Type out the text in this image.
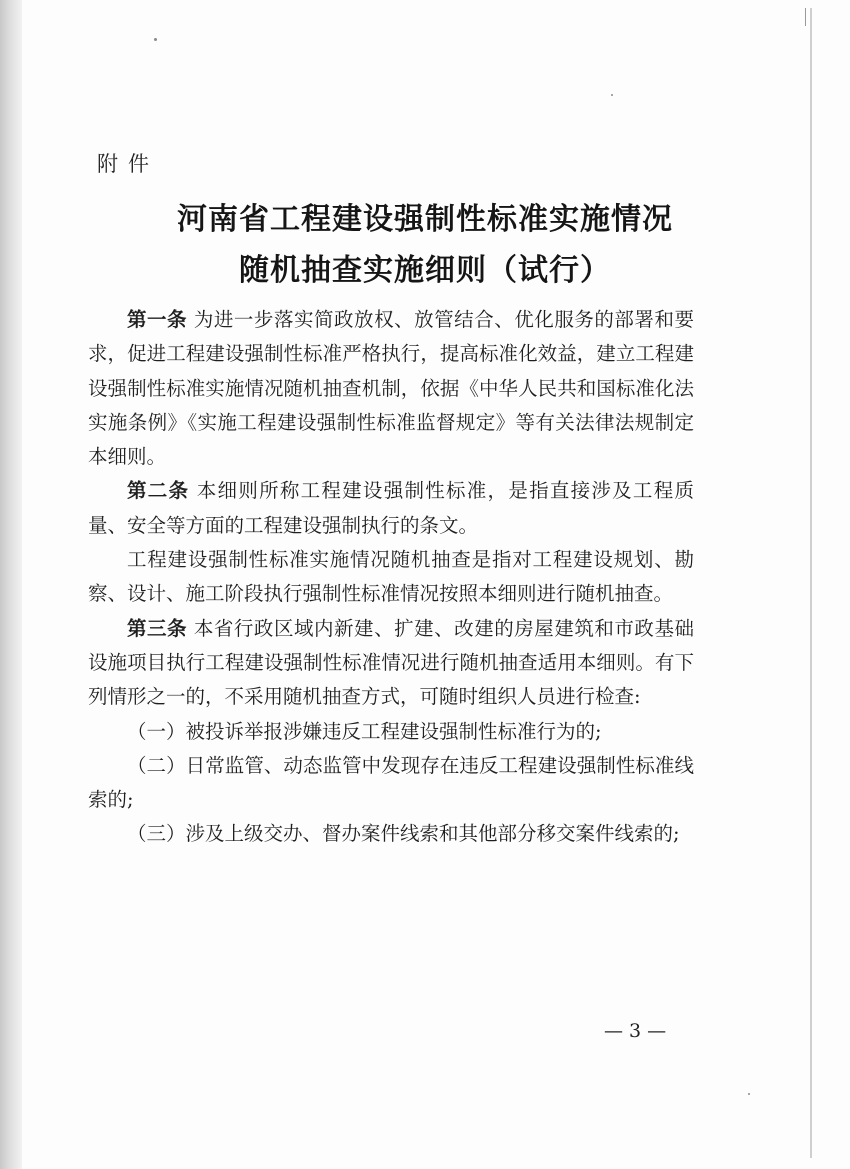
附件
河南省工程建设强制性标准实施情况
随机抽查实施细则（试行）

第一条 为进一步落实简政放权、放管结合、优化服务的部署和要求，促进工程建设强制性标准严格执行，提高标准化效益，建立工程建设强制性标准实施情况随机抽查机制，依据《中华人民共和国标准化法实施条例》《实施工程建设强制性标准监督规定》等有关法律法规制定本细则。

第二条 本细则所称工程建设强制性标准，是指直接涉及工程质量、安全等方面的工程建设强制执行的条文。

工程建设强制性标准实施情况随机抽查是指对工程建设规划、勘察、设计、施工阶段执行强制性标准情况按照本细则进行随机抽查。

第三条 本省行政区域内新建、扩建、改建的房屋建筑和市政基础设施项目执行工程建设强制性标准情况进行随机抽查适用本细则。有下列情形之一的，不采用随机抽查方式，可随时组织人员进行检查:

（一）被投诉举报涉嫌违反工程建设强制性标准行为的;

（二）日常监管、动态监管中发现存在违反工程建设强制性标准线索的;

（三）涉及上级交办、督办案件线索和其他部分移交案件线索的;

— 3 —
